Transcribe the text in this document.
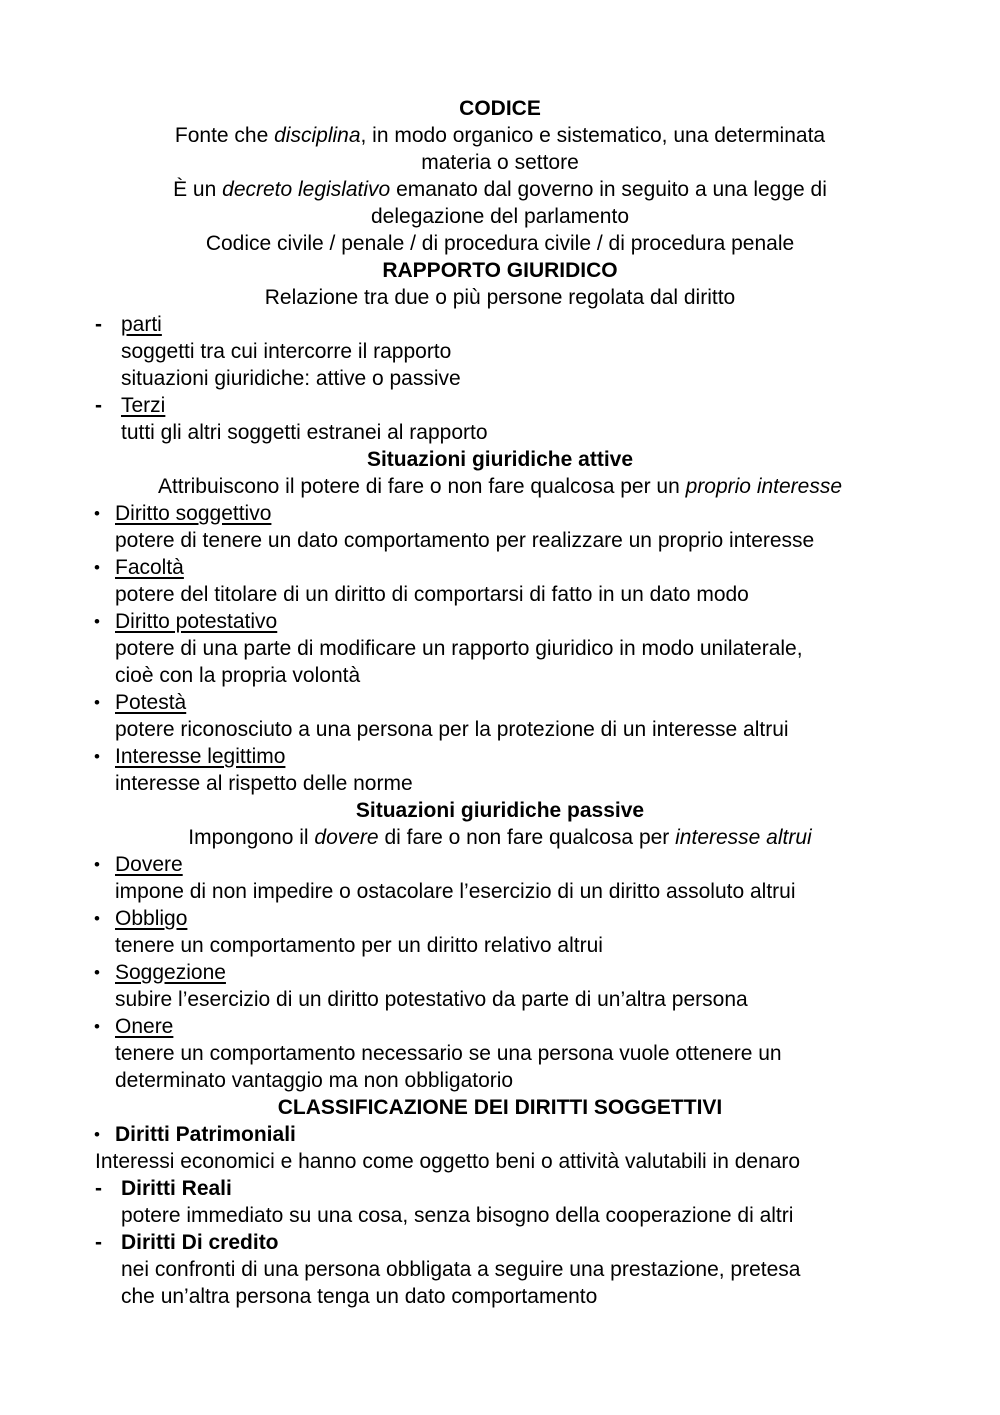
CODICE
Fonte che disciplina, in modo organico e sistematico, una determinata
materia o settore
È un decreto legislativo emanato dal governo in seguito a una legge di
delegazione del parlamento
Codice civile / penale / di procedura civile / di procedura penale
RAPPORTO GIURIDICO
Relazione tra due o più persone regolata dal diritto
- parti
soggetti tra cui intercorre il rapporto
situazioni giuridiche: attive o passive
- Terzi
tutti gli altri soggetti estranei al rapporto
Situazioni giuridiche attive
Attribuiscono il potere di fare o non fare qualcosa per un proprio interesse
• Diritto soggettivo
potere di tenere un dato comportamento per realizzare un proprio interesse
• Facoltà
potere del titolare di un diritto di comportarsi di fatto in un dato modo
• Diritto potestativo
potere di una parte di modificare un rapporto giuridico in modo unilaterale,
cioè con la propria volontà
• Potestà
potere riconosciuto a una persona per la protezione di un interesse altrui
• Interesse legittimo
interesse al rispetto delle norme
Situazioni giuridiche passive
Impongono il dovere di fare o non fare qualcosa per interesse altrui
• Dovere
impone di non impedire o ostacolare l’esercizio di un diritto assoluto altrui
• Obbligo
tenere un comportamento per un diritto relativo altrui
• Soggezione
subire l’esercizio di un diritto potestativo da parte di un’altra persona
• Onere
tenere un comportamento necessario se una persona vuole ottenere un
determinato vantaggio ma non obbligatorio
CLASSIFICAZIONE DEI DIRITTI SOGGETTIVI
• Diritti Patrimoniali
Interessi economici e hanno come oggetto beni o attività valutabili in denaro
- Diritti Reali
potere immediato su una cosa, senza bisogno della cooperazione di altri
- Diritti Di credito
nei confronti di una persona obbligata a seguire una prestazione, pretesa
che un’altra persona tenga un dato comportamento
